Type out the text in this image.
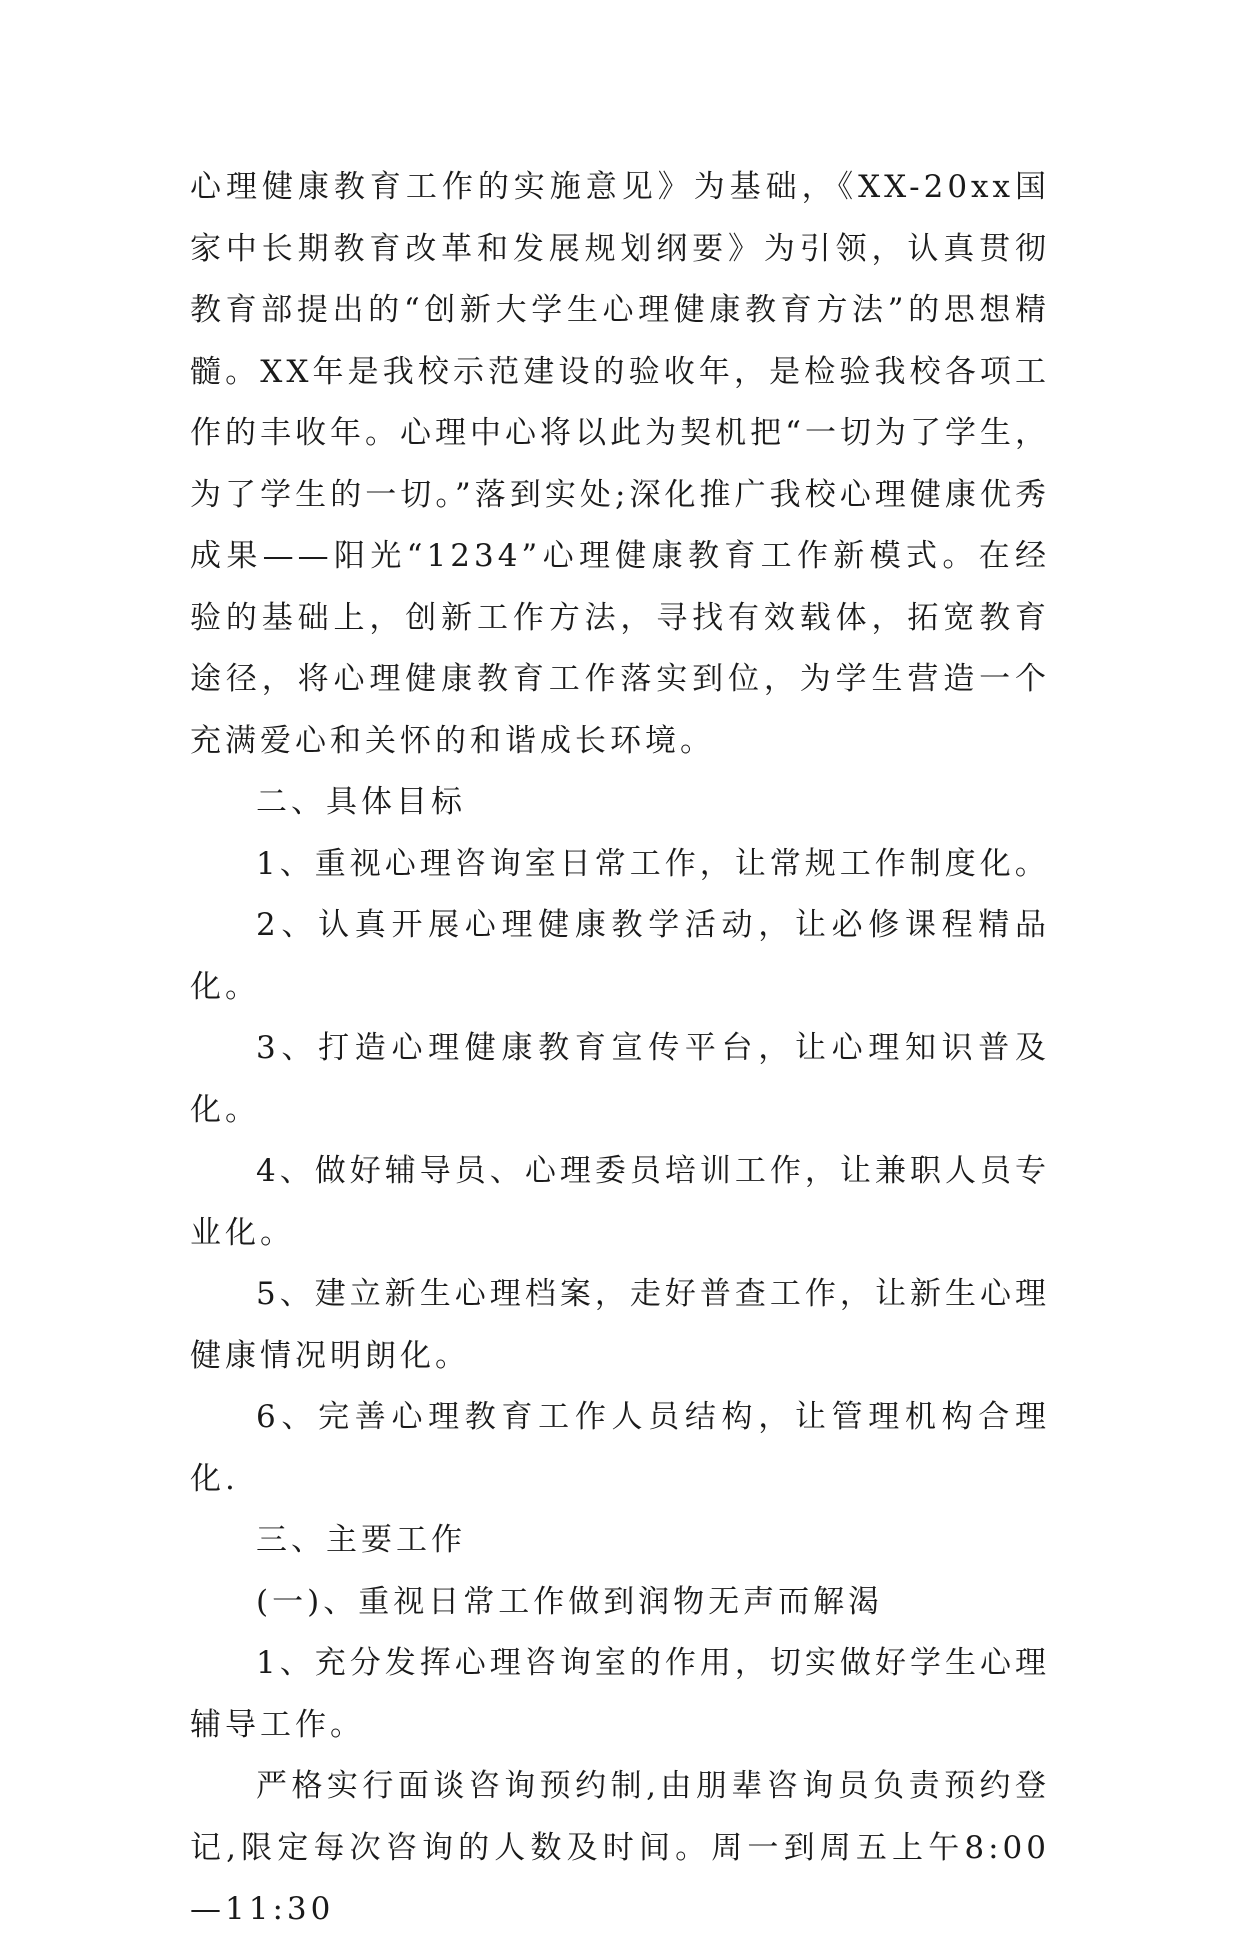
心理健康教育工作的实施意见》为基础，《XX-20xx国家中长期教育改革和发展规划纲要》为引领，认真贯彻教育部提出的“创新大学生心理健康教育方法”的思想精髓。XX年是我校示范建设的验收年，是检验我校各项工作的丰收年。心理中心将以此为契机把“一切为了学生，为了学生的一切。”落到实处;深化推广我校心理健康优秀成果——阳光“1234”心理健康教育工作新模式。在经验的基础上，创新工作方法，寻找有效载体，拓宽教育途径，将心理健康教育工作落实到位，为学生营造一个充满爱心和关怀的和谐成长环境。

二、具体目标

1、重视心理咨询室日常工作，让常规工作制度化。

2、认真开展心理健康教学活动，让必修课程精品化。

3、打造心理健康教育宣传平台，让心理知识普及化。

4、做好辅导员、心理委员培训工作，让兼职人员专业化。

5、建立新生心理档案，走好普查工作，让新生心理健康情况明朗化。

6、完善心理教育工作人员结构，让管理机构合理化.

三、主要工作

(一)、重视日常工作做到润物无声而解渴

1、充分发挥心理咨询室的作用，切实做好学生心理辅导工作。

严格实行面谈咨询预约制,由朋辈咨询员负责预约登记,限定每次咨询的人数及时间。周一到周五上午8:00—11:30
